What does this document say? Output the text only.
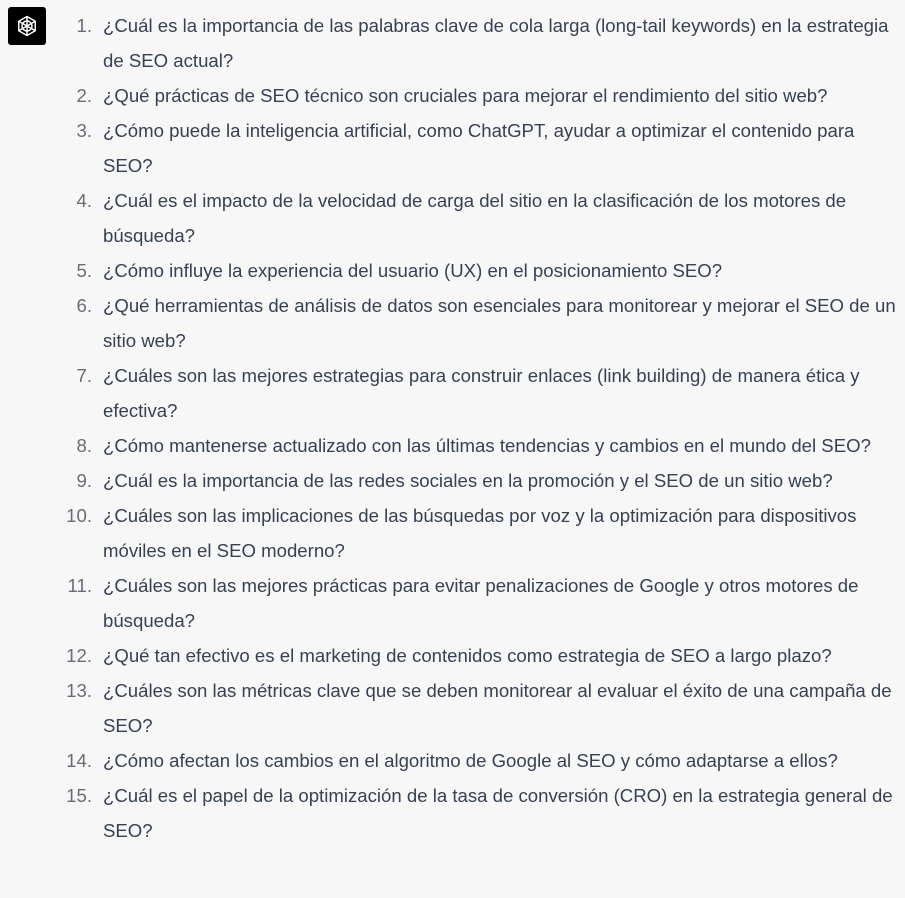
1. ¿Cuál es la importancia de las palabras clave de cola larga (long-tail keywords) en la estrategia de SEO actual?
2. ¿Qué prácticas de SEO técnico son cruciales para mejorar el rendimiento del sitio web?
3. ¿Cómo puede la inteligencia artificial, como ChatGPT, ayudar a optimizar el contenido para SEO?
4. ¿Cuál es el impacto de la velocidad de carga del sitio en la clasificación de los motores de búsqueda?
5. ¿Cómo influye la experiencia del usuario (UX) en el posicionamiento SEO?
6. ¿Qué herramientas de análisis de datos son esenciales para monitorear y mejorar el SEO de un sitio web?
7. ¿Cuáles son las mejores estrategias para construir enlaces (link building) de manera ética y efectiva?
8. ¿Cómo mantenerse actualizado con las últimas tendencias y cambios en el mundo del SEO?
9. ¿Cuál es la importancia de las redes sociales en la promoción y el SEO de un sitio web?
10. ¿Cuáles son las implicaciones de las búsquedas por voz y la optimización para dispositivos móviles en el SEO moderno?
11. ¿Cuáles son las mejores prácticas para evitar penalizaciones de Google y otros motores de búsqueda?
12. ¿Qué tan efectivo es el marketing de contenidos como estrategia de SEO a largo plazo?
13. ¿Cuáles son las métricas clave que se deben monitorear al evaluar el éxito de una campaña de SEO?
14. ¿Cómo afectan los cambios en el algoritmo de Google al SEO y cómo adaptarse a ellos?
15. ¿Cuál es el papel de la optimización de la tasa de conversión (CRO) en la estrategia general de SEO?
